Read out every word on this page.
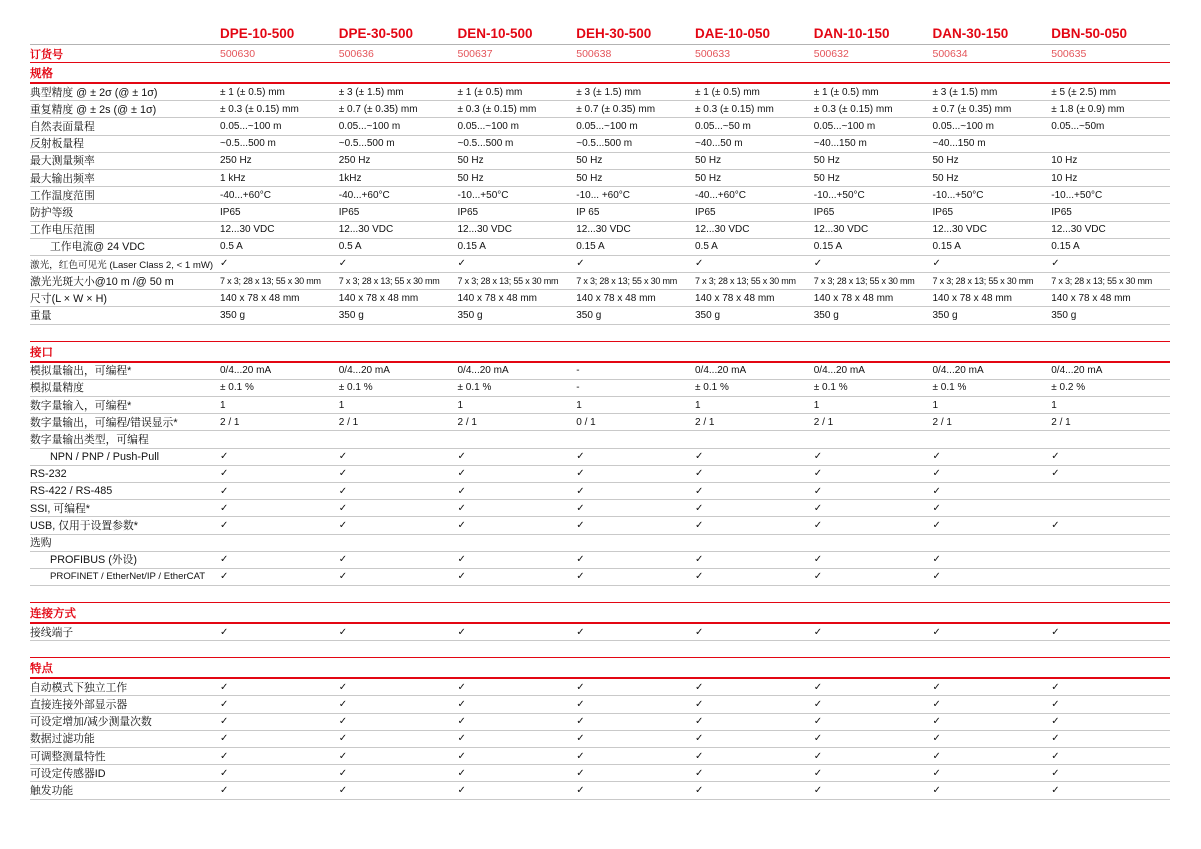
DPE-10-500	DPE-30-500	DEN-10-500	DEH-30-500	DAE-10-050	DAN-10-150	DAN-30-150	DBN-50-050
订货号	500630	500636	500637	500638	500633	500632	500634	500635
规格
典型精度 @ ± 2σ (@ ± 1σ)	± 1 (± 0.5) mm	± 3 (± 1.5) mm	± 1 (± 0.5) mm	± 3 (± 1.5) mm	± 1 (± 0.5) mm	± 1 (± 0.5) mm	± 3 (± 1.5) mm	± 5 (± 2.5) mm
重复精度 @ ± 2s (@ ± 1σ)	± 0.3 (± 0.15) mm	± 0.7 (± 0.35) mm	± 0.3 (± 0.15) mm	± 0.7 (± 0.35) mm	± 0.3 (± 0.15) mm	± 0.3 (± 0.15) mm	± 0.7 (± 0.35) mm	± 1.8 (± 0.9) mm
自然表面量程	0.05...~100 m	0.05...~100 m	0.05...~100 m	0.05...~100 m	0.05...~50 m	0.05...~100 m	0.05...~100 m	0.05...~50m
反射板量程	~0.5...500 m	~0.5...500 m	~0.5...500 m	~0.5...500 m	~40...50 m	~40...150 m	~40...150 m
最大测量频率	250 Hz	250 Hz	50 Hz	50 Hz	50 Hz	50 Hz	50 Hz	10 Hz
最大输出频率	1 kHz	1kHz	50 Hz	50 Hz	50 Hz	50 Hz	50 Hz	10 Hz
工作温度范围	-40...+60°C	-40...+60°C	-10...+50°C	-10... +60°C	-40...+60°C	-10...+50°C	-10...+50°C	-10...+50°C
防护等级	IP65	IP65	IP65	IP 65	IP65	IP65	IP65	IP65
工作电压范围	12...30 VDC	12...30 VDC	12...30 VDC	12...30 VDC	12...30 VDC	12...30 VDC	12...30 VDC	12...30 VDC
工作电流@ 24 VDC	0.5 A	0.5 A	0.15 A	0.15 A	0.5 A	0.15 A	0.15 A	0.15 A
激光，红色可见光 (Laser Class 2, < 1 mW) ✓	✓	✓	✓	✓	✓	✓	✓
激光光斑大小@10 m /@ 50 m	7 x 3; 28 x 13; 55 x 30 mm	7 x 3; 28 x 13; 55 x 30 mm	7 x 3; 28 x 13; 55 x 30 mm	7 x 3; 28 x 13; 55 x 30 mm	7 x 3; 28 x 13; 55 x 30 mm	7 x 3; 28 x 13; 55 x 30 mm	7 x 3; 28 x 13; 55 x 30 mm	7 x 3; 28 x 13; 55 x 30 mm
尺寸(L × W × H)	140 x 78 x 48 mm	140 x 78 x 48 mm	140 x 78 x 48 mm	140 x 78 x 48 mm	140 x 78 x 48 mm	140 x 78 x 48 mm	140 x 78 x 48 mm	140 x 78 x 48 mm
重量	350 g	350 g	350 g	350 g	350 g	350 g	350 g	350 g
接口
模拟量输出，可编程*	0/4...20 mA	0/4...20 mA	0/4...20 mA	-	0/4...20 mA	0/4...20 mA	0/4...20 mA	0/4...20 mA
模拟量精度	± 0.1 %	± 0.1 %	± 0.1 %	-	± 0.1 %	± 0.1 %	± 0.1 %	± 0.2 %
数字量输入，可编程*	1	1	1	1	1	1	1	1
数字量输出，可编程/错误显示*	2 / 1	2 / 1	2 / 1	0 / 1	2 / 1	2 / 1	2 / 1	2 / 1
数字量输出类型，可编程
NPN / PNP / Push-Pull	✓	✓	✓	✓	✓	✓	✓	✓
RS-232	✓	✓	✓	✓	✓	✓	✓	✓
RS-422 / RS-485	✓	✓	✓	✓	✓	✓	✓
SSI, 可编程*	✓	✓	✓	✓	✓	✓	✓
USB, 仅用于设置参数*	✓	✓	✓	✓	✓	✓	✓	✓
选购
PROFIBUS (外设)	✓	✓	✓	✓	✓	✓	✓
PROFINET / EtherNet/IP / EtherCAT	✓	✓	✓	✓	✓	✓	✓
连接方式
接线端子	✓	✓	✓	✓	✓	✓	✓	✓
特点
自动模式下独立工作	✓	✓	✓	✓	✓	✓	✓	✓
直接连接外部显示器	✓	✓	✓	✓	✓	✓	✓	✓
可设定增加/减少测量次数	✓	✓	✓	✓	✓	✓	✓	✓
数据过滤功能	✓	✓	✓	✓	✓	✓	✓	✓
可调整测量特性	✓	✓	✓	✓	✓	✓	✓	✓
可设定传感器ID	✓	✓	✓	✓	✓	✓	✓	✓
触发功能	✓	✓	✓	✓	✓	✓	✓	✓
